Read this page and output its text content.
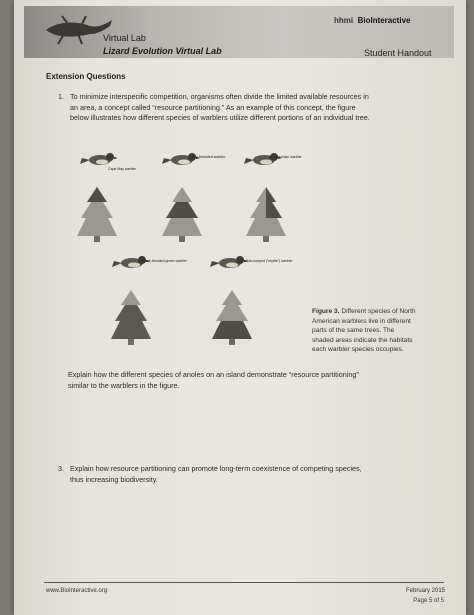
hhmi BioInteractive
Virtual Lab
Lizard Evolution Virtual Lab	Student Handout
Extension Questions
1. To minimize interspecific competition, organisms often divide the limited available resources in
an area, a concept called “resource partitioning.” As an example of this concept, the figure
below illustrates how different species of warblers utilize different portions of an individual tree.
Cape May warbler
Bay-breasted warbler	Blackburnian warbler
Black-throated green warbler	Yellow-rumped (“myrtle”) warbler
Figure 3. Different species of North
American warblers live in different
parts of the same trees. The
shaded areas indicate the habitats
each warbler species occupies.
Explain how the different species of anoles on an island demonstrate “resource partitioning”
similar to the warblers in the figure.
3. Explain how resource partitioning can promote long-term coexistence of competing species,
thus increasing biodiversity.
www.BioInteractive.org	February 2015
Page 5 of 5
